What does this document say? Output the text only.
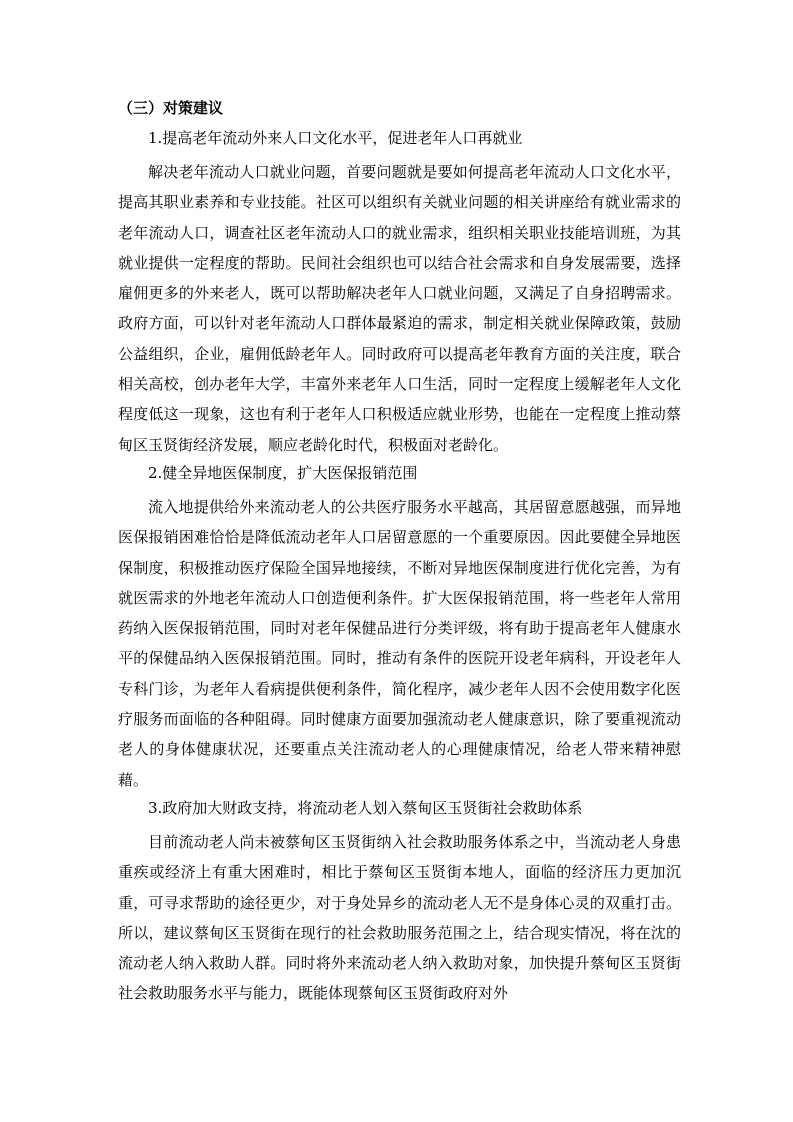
（三）对策建议
1.提高老年流动外来人口文化水平，促进老年人口再就业

解决老年流动人口就业问题，首要问题就是要如何提高老年流动人口文化水平，提高其职业素养和专业技能。社区可以组织有关就业问题的相关讲座给有就业需求的老年流动人口，调查社区老年流动人口的就业需求，组织相关职业技能培训班，为其就业提供一定程度的帮助。民间社会组织也可以结合社会需求和自身发展需要，选择雇佣更多的外来老人，既可以帮助解决老年人口就业问题，又满足了自身招聘需求。政府方面，可以针对老年流动人口群体最紧迫的需求，制定相关就业保障政策，鼓励公益组织，企业，雇佣低龄老年人。同时政府可以提高老年教育方面的关注度，联合相关高校，创办老年大学，丰富外来老年人口生活，同时一定程度上缓解老年人文化程度低这一现象，这也有利于老年人口积极适应就业形势，也能在一定程度上推动蔡甸区玉贤街经济发展，顺应老龄化时代，积极面对老龄化。

2.健全异地医保制度，扩大医保报销范围

流入地提供给外来流动老人的公共医疗服务水平越高，其居留意愿越强，而异地医保报销困难恰恰是降低流动老年人口居留意愿的一个重要原因。因此要健全异地医保制度，积极推动医疗保险全国异地接续，不断对异地医保制度进行优化完善，为有就医需求的外地老年流动人口创造便利条件。扩大医保报销范围，将一些老年人常用药纳入医保报销范围，同时对老年保健品进行分类评级，将有助于提高老年人健康水平的保健品纳入医保报销范围。同时，推动有条件的医院开设老年病科，开设老年人专科门诊，为老年人看病提供便利条件，简化程序，减少老年人因不会使用数字化医疗服务而面临的各种阻碍。同时健康方面要加强流动老人健康意识，除了要重视流动老人的身体健康状况，还要重点关注流动老人的心理健康情况，给老人带来精神慰藉。

3.政府加大财政支持，将流动老人划入蔡甸区玉贤街社会救助体系

目前流动老人尚未被蔡甸区玉贤街纳入社会救助服务体系之中，当流动老人身患重疾或经济上有重大困难时，相比于蔡甸区玉贤街本地人，面临的经济压力更加沉重，可寻求帮助的途径更少，对于身处异乡的流动老人无不是身体心灵的双重打击。所以，建议蔡甸区玉贤街在现行的社会救助服务范围之上，结合现实情况，将在沈的流动老人纳入救助人群。同时将外来流动老人纳入救助对象，加快提升蔡甸区玉贤街社会救助服务水平与能力，既能体现蔡甸区玉贤街政府对外
